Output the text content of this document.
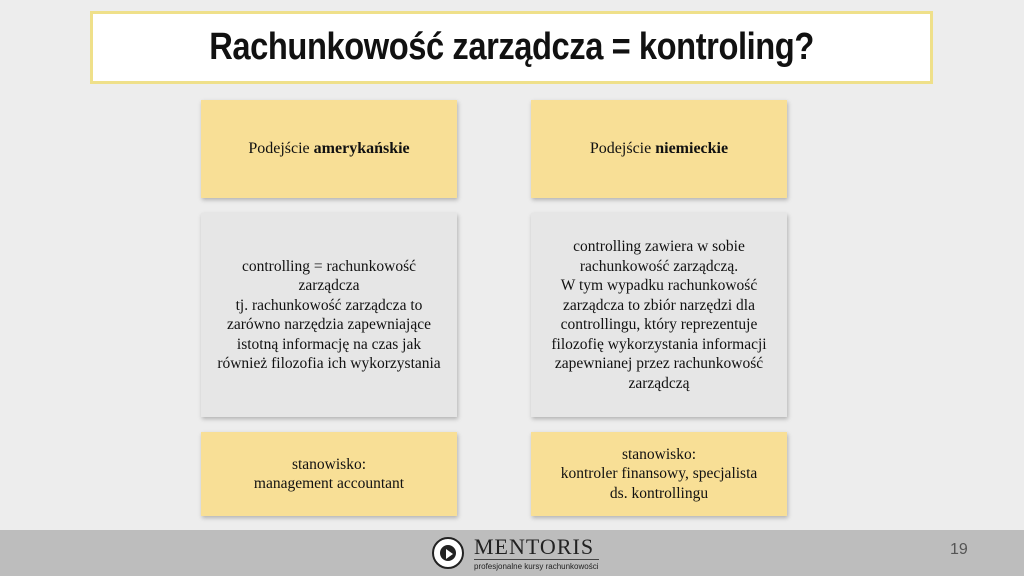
Rachunkowość zarządcza = kontroling?
Podejście amerykańskie
controlling = rachunkowość
zarządcza
tj. rachunkowość zarządcza to
zarówno narzędzia zapewniające
istotną informację na czas jak
również filozofia ich wykorzystania
stanowisko:
management accountant
Podejście niemieckie
controlling zawiera w sobie
rachunkowość zarządczą.
W tym wypadku rachunkowość
zarządcza to zbiór narzędzi dla
controllingu, który reprezentuje
filozofię wykorzystania informacji
zapewnianej przez rachunkowość
zarządczą
stanowisko:
kontroler finansowy, specjalista
ds. kontrollingu
MENTORIS
profesjonalne kursy rachunkowości
19
